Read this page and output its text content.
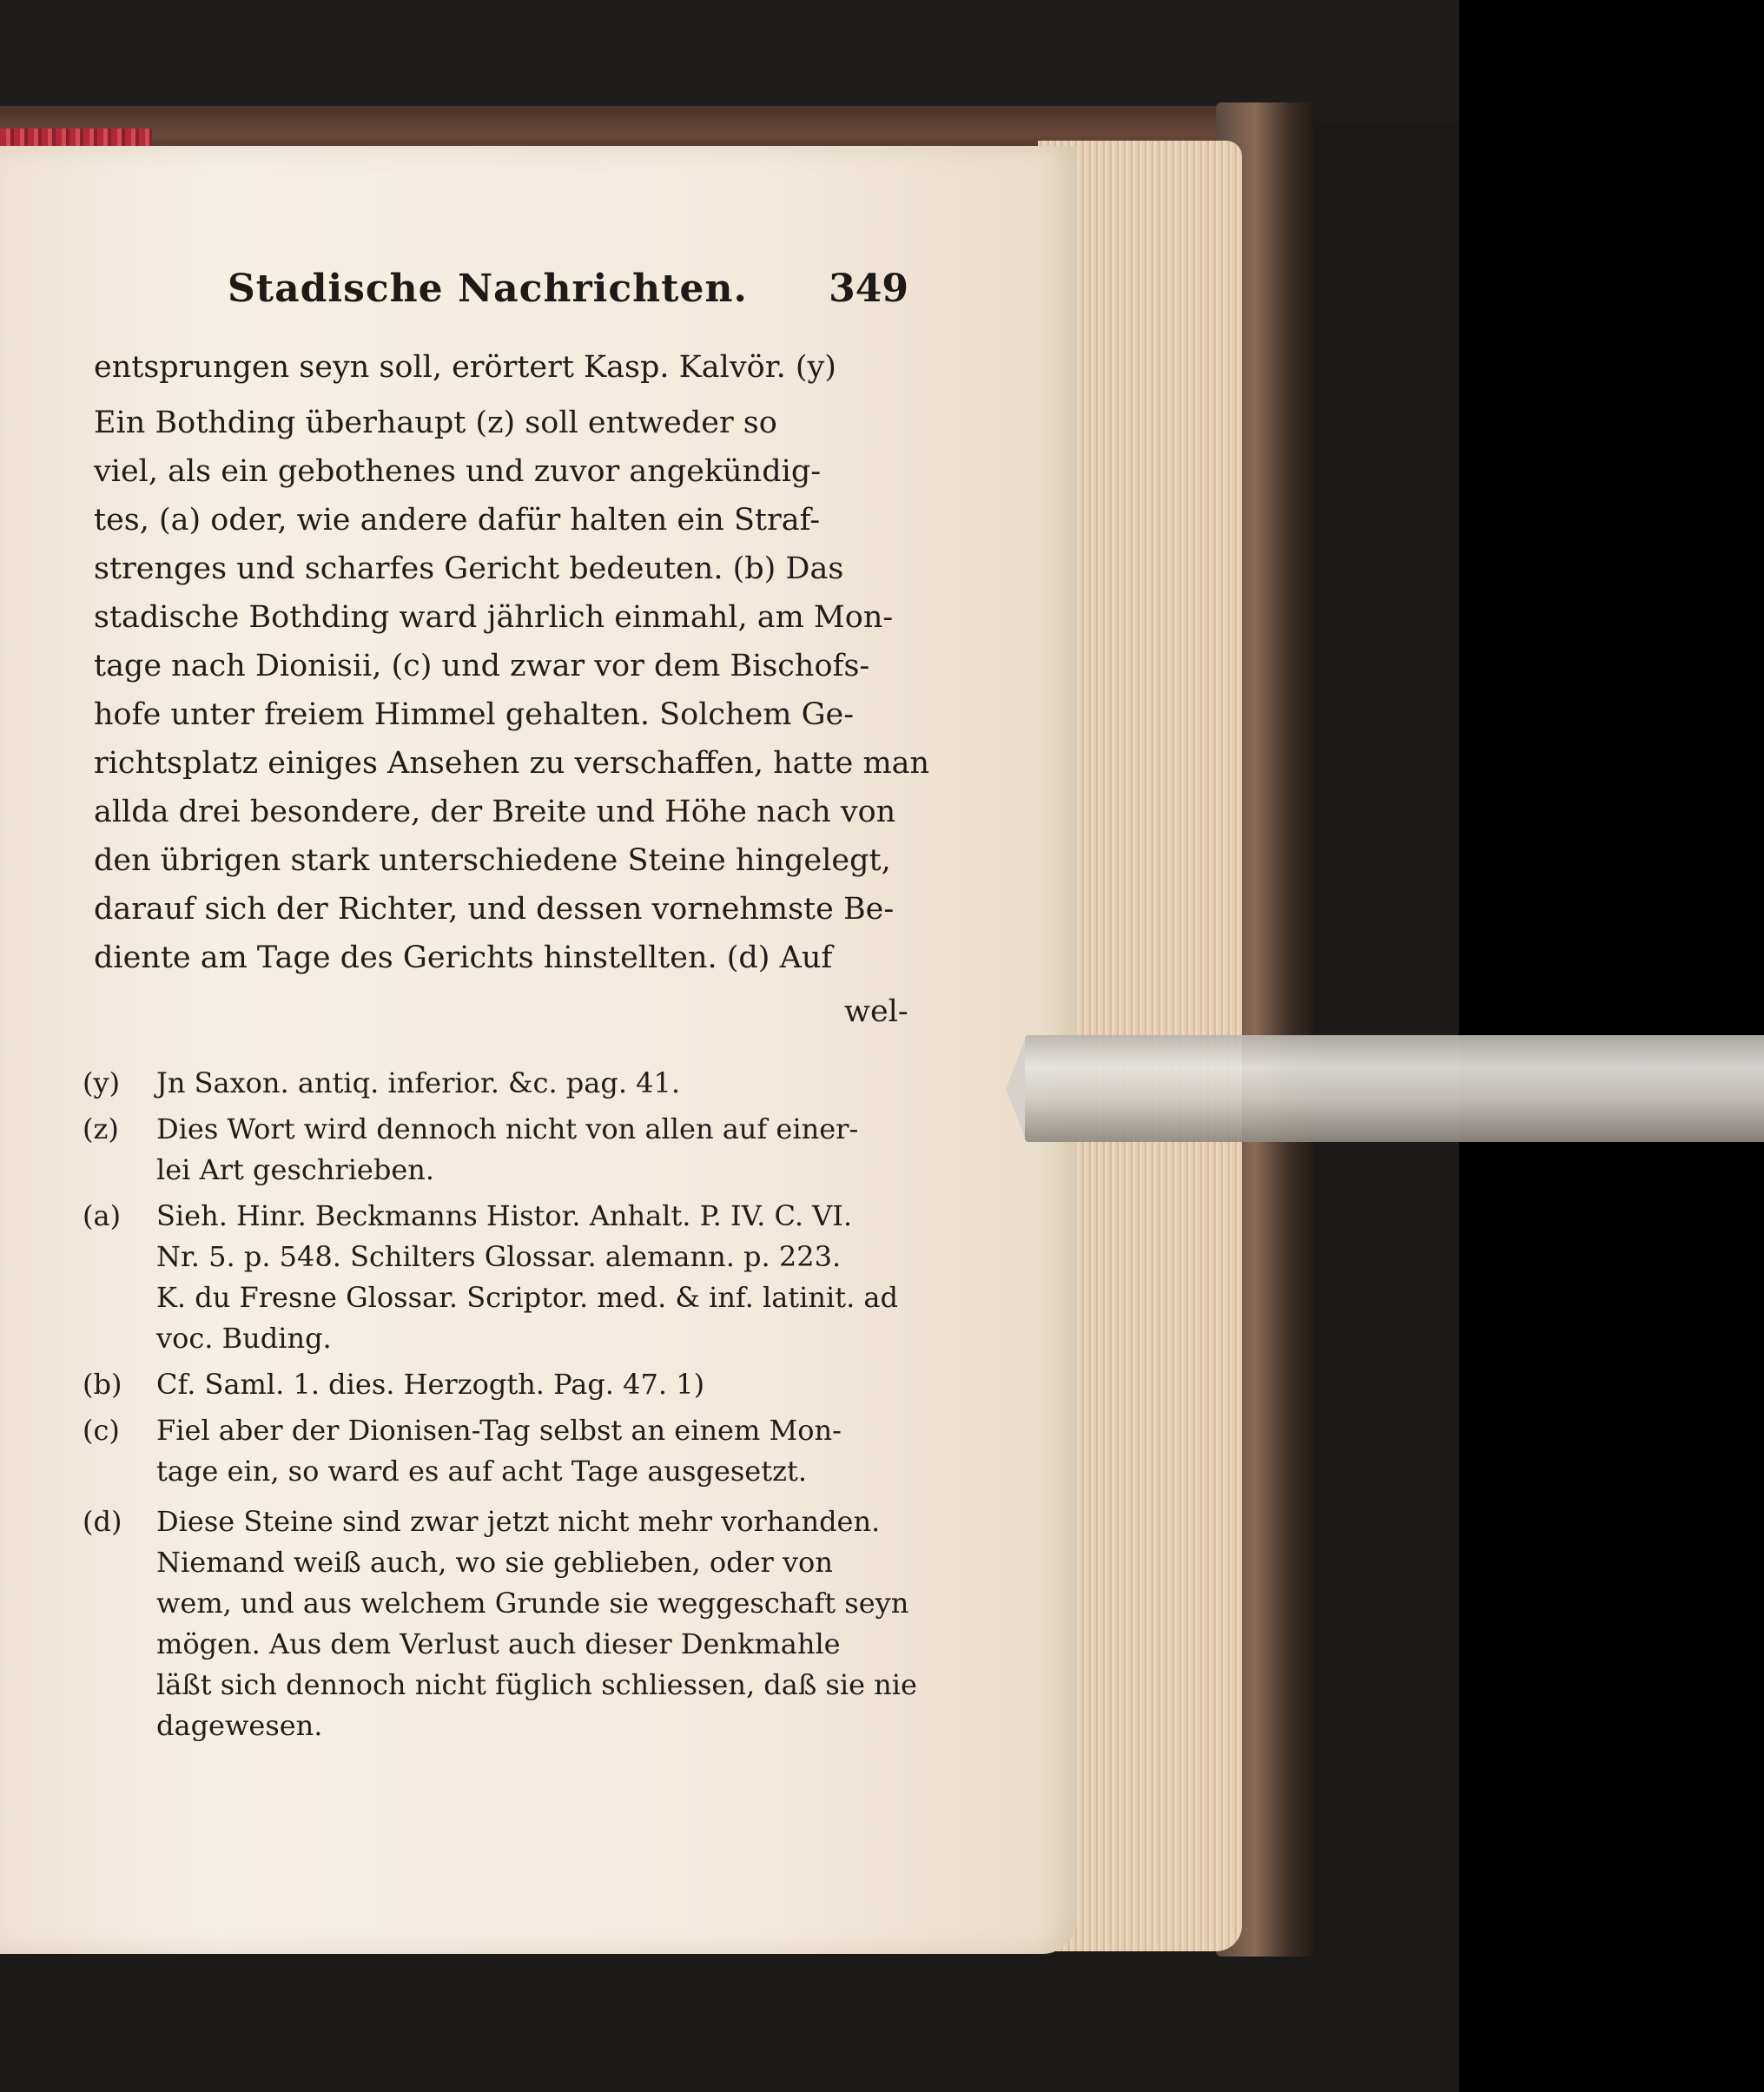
Stadische Nachrichten. 349
entsprungen seyn soll, erörtert Kasp. Kalvör. (y)
Ein Bothding überhaupt (z) soll entweder so
viel, als ein gebothenes und zuvor angekündig-
tes, (a) oder, wie andere dafür halten ein Straf-
strenges und scharfes Gericht bedeuten. (b) Das
stadische Bothding ward jährlich einmahl, am Mon-
tage nach Dionisii, (c) und zwar vor dem Bischofs-
hofe unter freiem Himmel gehalten. Solchem Ge-
richtsplatz einiges Ansehen zu verschaffen, hatte man
allda drei besondere, der Breite und Höhe nach von
den übrigen stark unterschiedene Steine hingelegt,
darauf sich der Richter, und dessen vornehmste Be-
diente am Tage des Gerichts hinstellten. (d) Auf
wel-
(y) Jn Saxon. antiq. inferior. &c. pag. 41.
(z) Dies Wort wird dennoch nicht von allen auf einer-
lei Art geschrieben.
(a) Sieh. Hinr. Beckmanns Histor. Anhalt. P. IV. C. VI.
Nr. 5. p. 548. Schilters Glossar. alemann. p. 223.
K. du Fresne Glossar. Scriptor. med. & inf. latinit. ad
voc. Buding.
(b) Cf. Saml. 1. dies. Herzogth. Pag. 47. 1)
(c) Fiel aber der Dionisen-Tag selbst an einem Mon-
tage ein, so ward es auf acht Tage ausgesetzt.
(d) Diese Steine sind zwar jetzt nicht mehr vorhanden.
Niemand weiß auch, wo sie geblieben, oder von
wem, und aus welchem Grunde sie weggeschaft seyn
mögen. Aus dem Verlust auch dieser Denkmahle
läßt sich dennoch nicht füglich schliessen, daß sie nie
dagewesen.
